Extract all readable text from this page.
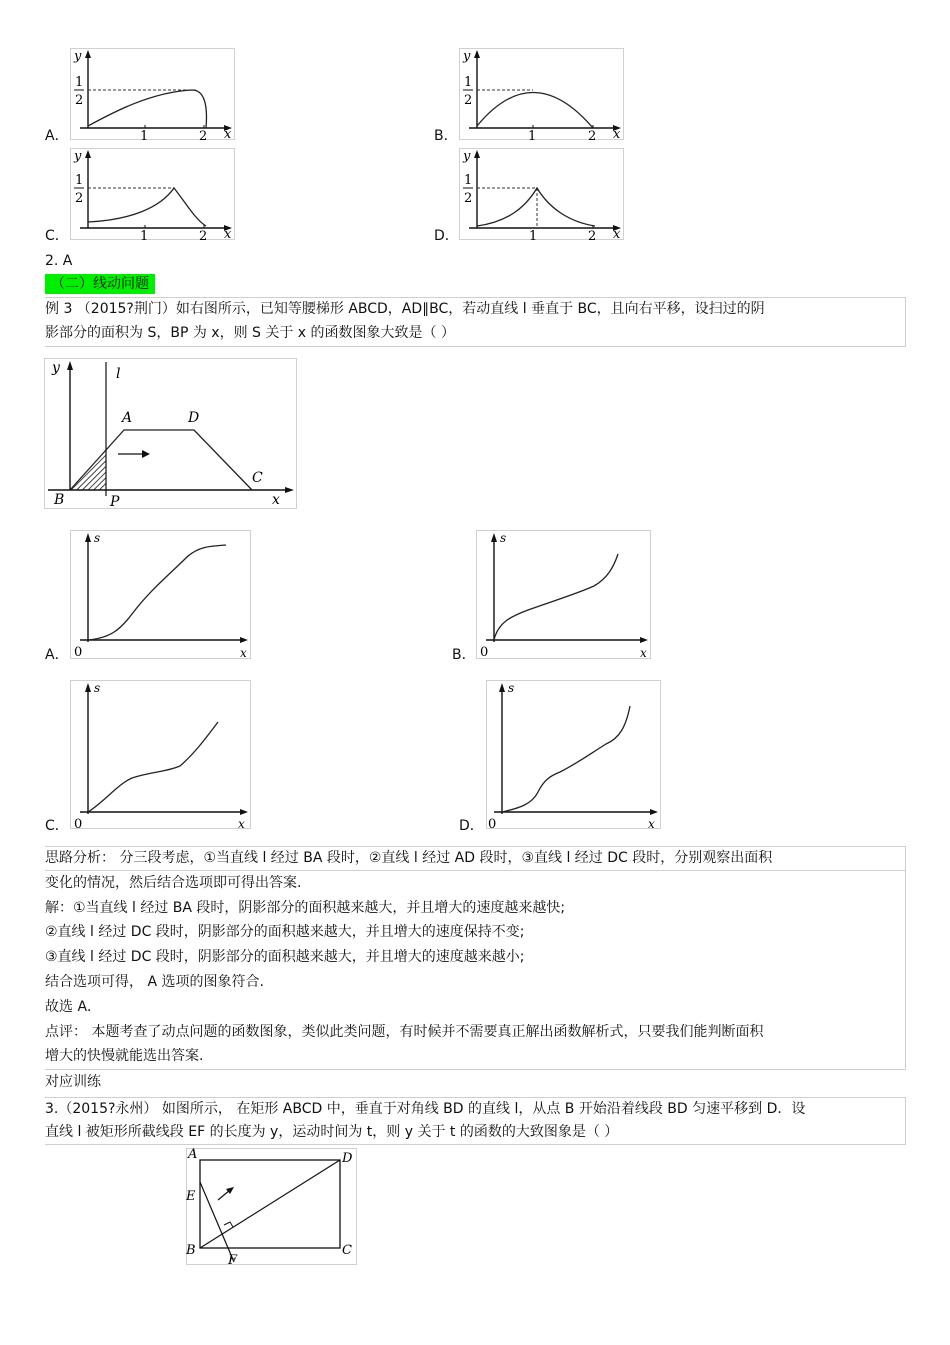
A．
y
1
2
1	2 x	B．
y
1
2
1	2 x
C．
y
1
2
1	2 x	D．
y
1
2
1	2 x
2. A
（二）线动问题
例 3 （2015?荆门）如右图所示，已知等腰梯形 ABCD，AD∥BC，若动直线 l 垂直于 BC，且向右平移，设扫过的阴
影部分的面积为 S，BP 为 x，则 S 关于 x 的函数图象大致是（ ）
y	l
A	D
C
B	P	x
A．
s
0	x	B．
s
0	x
C．
s
0	x	D．
s
0	x
思路分析： 分三段考虑，①当直线 l 经过 BA 段时，②直线 l 经过 AD 段时，③直线 l 经过 DC 段时，分别观察出面积
变化的情况，然后结合选项即可得出答案.
解：①当直线 l 经过 BA 段时，阴影部分的面积越来越大，并且增大的速度越来越快;
②直线 l 经过 DC 段时，阴影部分的面积越来越大，并且增大的速度保持不变;
③直线 l 经过 DC 段时，阴影部分的面积越来越大，并且增大的速度越来越小;
结合选项可得， A 选项的图象符合.
故选 A．
点评： 本题考查了动点问题的函数图象，类似此类问题，有时候并不需要真正解出函数解析式，只要我们能判断面积
增大的快慢就能选出答案.
对应训练
3.（2015?永州） 如图所示， 在矩形 ABCD 中，垂直于对角线 BD 的直线 l，从点 B 开始沿着线段 BD 匀速平移到 D．设
直线 l 被矩形所截线段 EF 的长度为 y，运动时间为 t，则 y 关于 t 的函数的大致图象是（ ）
A	D
E
B
F
C
